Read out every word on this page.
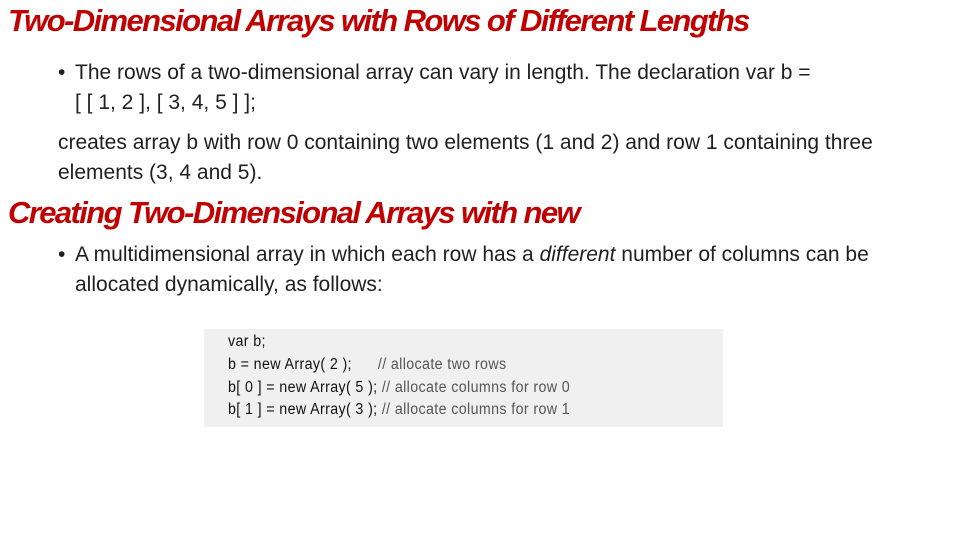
Two-Dimensional Arrays with Rows of Different Lengths

• The rows of a two-dimensional array can vary in length. The declaration var b = [ [ 1, 2 ], [ 3, 4, 5 ] ];

creates array b with row 0 containing two elements (1 and 2) and row 1 containing three elements (3, 4 and 5).

Creating Two-Dimensional Arrays with new

• A multidimensional array in which each row has a different number of columns can be allocated dynamically, as follows:

var b;

b = new Array( 2 );      // allocate two rows

b[ 0 ] = new Array( 5 ); // allocate columns for row 0

b[ 1 ] = new Array( 3 ); // allocate columns for row 1
